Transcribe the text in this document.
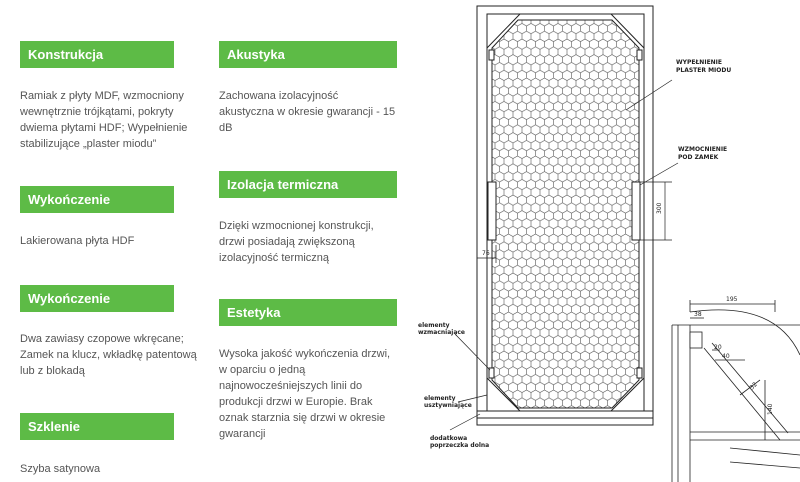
Konstrukcja
Ramiak z płyty MDF, wzmocniony
wewnętrznie trójkątami, pokryty
dwiema płytami HDF; Wypełnienie
stabilizujące „plaster miodu”
Wykończenie
Lakierowana płyta HDF
Wykończenie
Dwa zawiasy czopowe wkręcane;
Zamek na klucz, wkładkę patentową
lub z blokadą
Szklenie
Szyba satynowa
Akustyka
Zachowana izolacyjność
akustyczna w okresie gwarancji - 15
dB
Izolacja termiczna
Dzięki wzmocnionej konstrukcji,
drzwi posiadają zwiększoną
izolacyjność termiczną
Estetyka
Wysoka jakość wykończenia drzwi,
w oparciu o jedną
najnowocześniejszych linii do
produkcji drzwi w Europie. Brak
oznak starznia się drzwi w okresie
gwarancji
300
76
WYPEŁNIENIE
PLASTER MIODU
WZMOCNIENIE
POD ZAMEK
elementy
wzmacniające
elementy
usztywniające
dodatkowa
poprzeczka dolna
195
38
20
40
32
140
